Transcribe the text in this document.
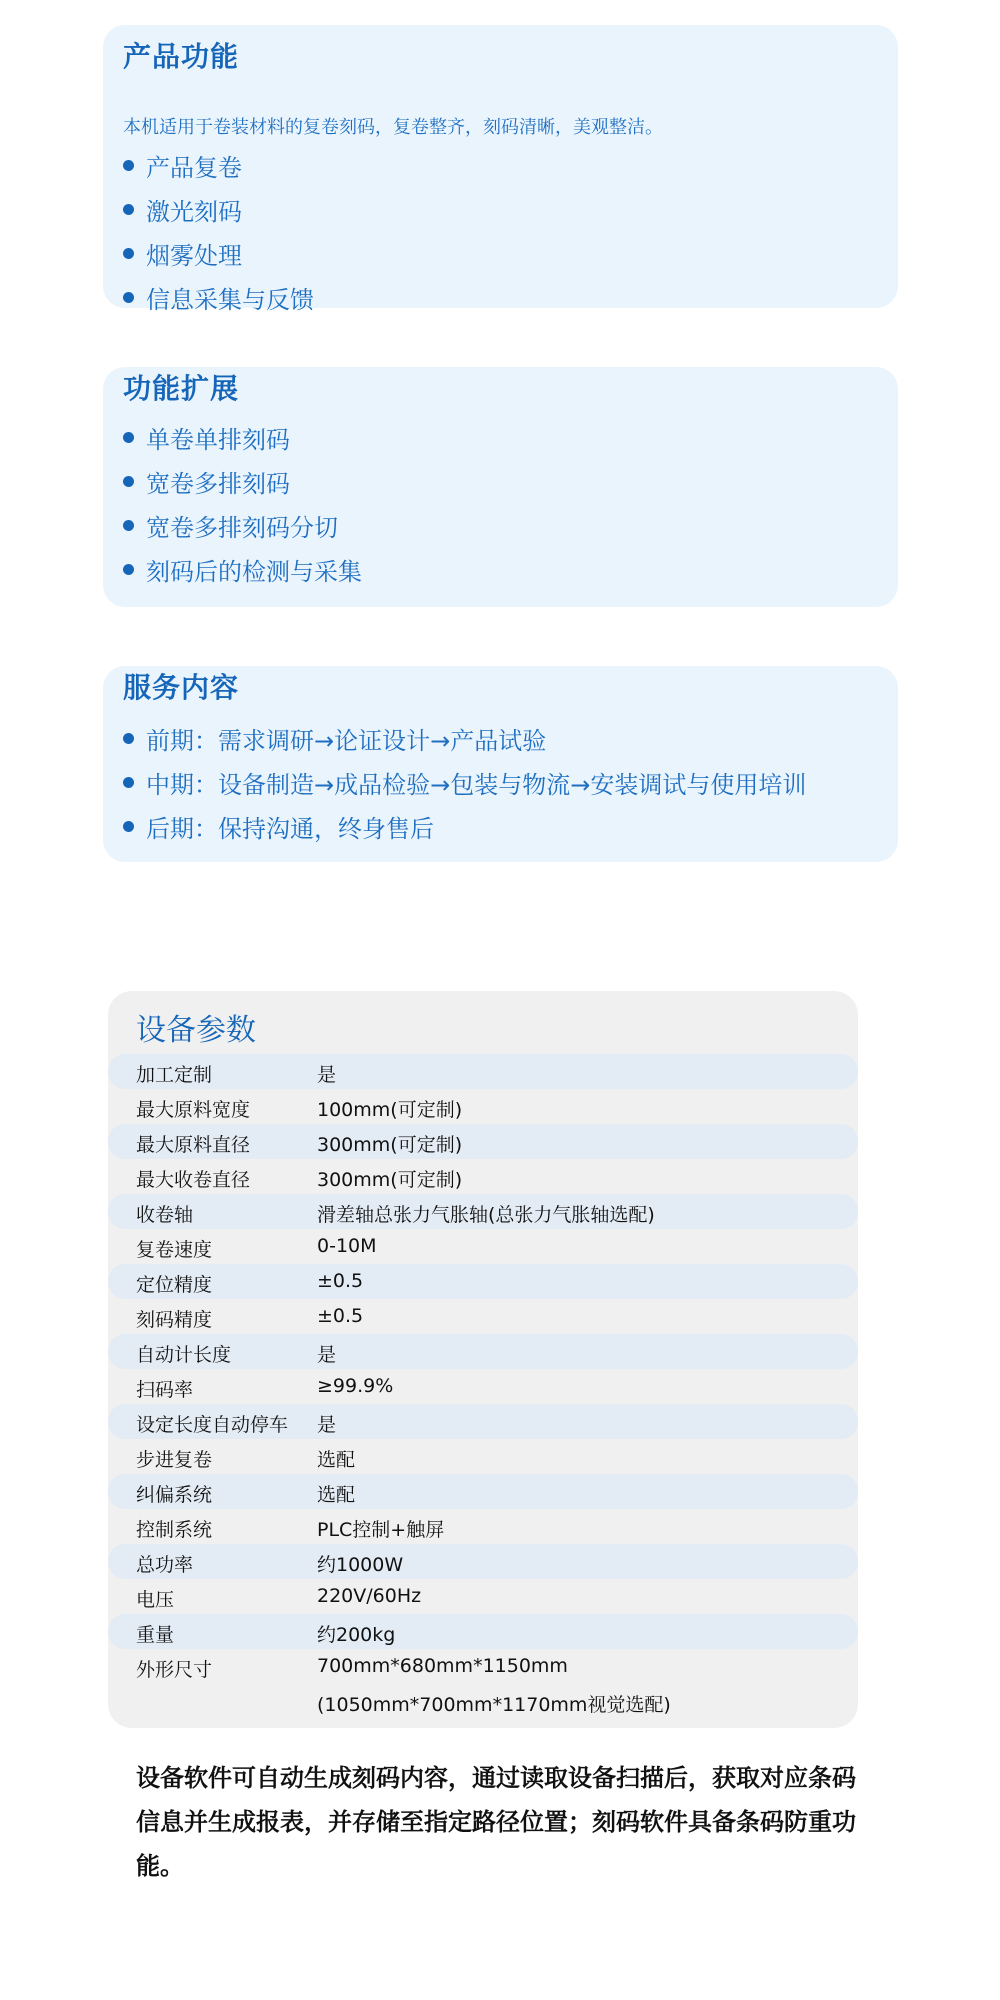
产品功能
本机适用于卷装材料的复卷刻码，复卷整齐，刻码清晰，美观整洁。
产品复卷
激光刻码
烟雾处理
信息采集与反馈
功能扩展
单卷单排刻码
宽卷多排刻码
宽卷多排刻码分切
刻码后的检测与采集
服务内容
前期：需求调研→论证设计→产品试验
中期：设备制造→成品检验→包装与物流→安装调试与使用培训
后期：保持沟通，终身售后
设备参数
加工定制	是
最大原料宽度	100mm(可定制)
最大原料直径	300mm(可定制)
最大收卷直径	300mm(可定制)
收卷轴	滑差轴总张力气胀轴(总张力气胀轴选配)
复卷速度	0-10M
定位精度	±0.5
刻码精度	±0.5
自动计长度	是
扫码率	≥99.9%
设定长度自动停车 是
步进复卷	选配
纠偏系统	选配
控制系统	PLC控制+触屏
总功率	约1000W
电压	220V/60Hz
重量	约200kg
外形尺寸	700mm*680mm*1150mm
(1050mm*700mm*1170mm视觉选配)

设备软件可自动生成刻码内容，通过读取设备扫描后，获取对应条码信息并生成报表，并存储至指定路径位置；刻码软件具备条码防重功能。
